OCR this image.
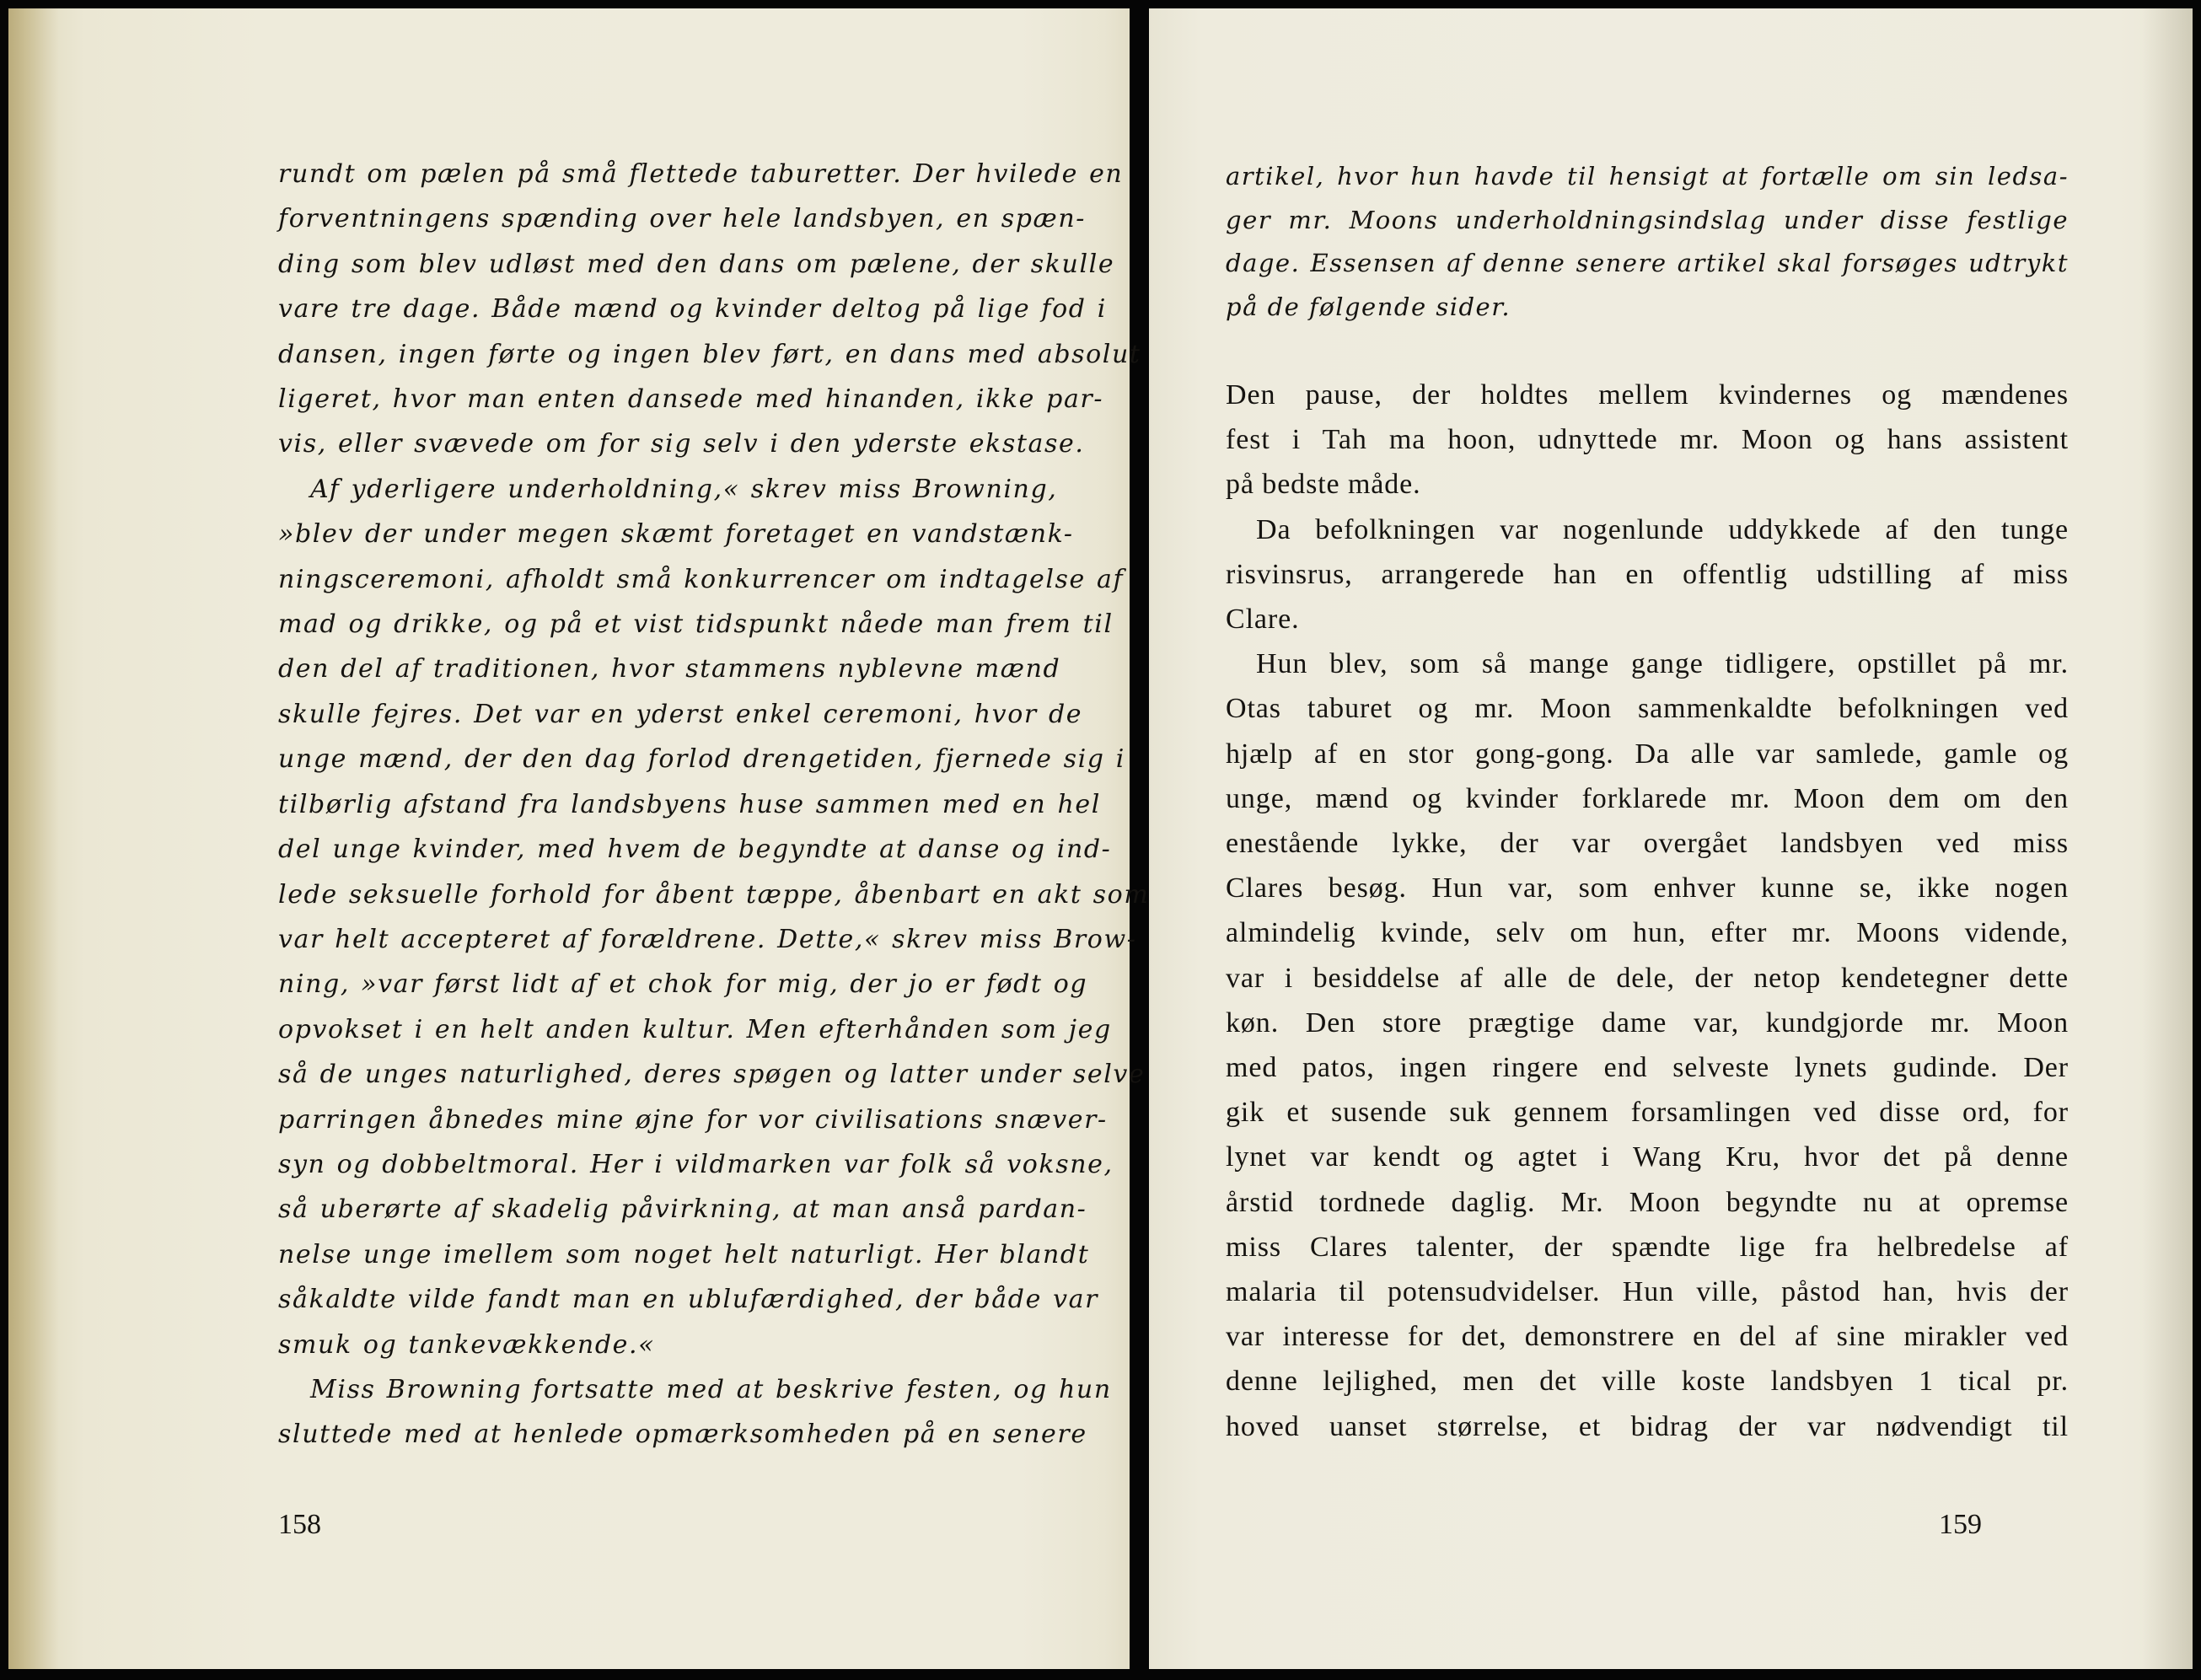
rundt om pælen på små flettede taburetter. Der hvilede en
forventningens spænding over hele landsbyen, en spæn-
ding som blev udløst med den dans om pælene, der skulle
vare tre dage. Både mænd og kvinder deltog på lige fod i
dansen, ingen førte og ingen blev ført, en dans med absolut
ligeret, hvor man enten dansede med hinanden, ikke par-
vis, eller svævede om for sig selv i den yderste ekstase.
Af yderligere underholdning,« skrev miss Browning,
»blev der under megen skæmt foretaget en vandstænk-
ningsceremoni, afholdt små konkurrencer om indtagelse af
mad og drikke, og på et vist tidspunkt nåede man frem til
den del af traditionen, hvor stammens nyblevne mænd
skulle fejres. Det var en yderst enkel ceremoni, hvor de
unge mænd, der den dag forlod drengetiden, fjernede sig i
tilbørlig afstand fra landsbyens huse sammen med en hel
del unge kvinder, med hvem de begyndte at danse og ind-
lede seksuelle forhold for åbent tæppe, åbenbart en akt som
var helt accepteret af forældrene. Dette,« skrev miss Brow-
ning, »var først lidt af et chok for mig, der jo er født og
opvokset i en helt anden kultur. Men efterhånden som jeg
så de unges naturlighed, deres spøgen og latter under selve
parringen åbnedes mine øjne for vor civilisations snæver-
syn og dobbeltmoral. Her i vildmarken var folk så voksne,
så uberørte af skadelig påvirkning, at man anså pardan-
nelse unge imellem som noget helt naturligt. Her blandt
såkaldte vilde fandt man en ublufærdighed, der både var
smuk og tankevækkende.«
Miss Browning fortsatte med at beskrive festen, og hun
sluttede med at henlede opmærksomheden på en senere
158
artikel, hvor hun havde til hensigt at fortælle om sin ledsa-
ger mr. Moons underholdningsindslag under disse festlige
dage. Essensen af denne senere artikel skal forsøges udtrykt
på de følgende sider.
Den pause, der holdtes mellem kvindernes og mændenes
fest i Tah ma hoon, udnyttede mr. Moon og hans assistent
på bedste måde.
Da befolkningen var nogenlunde uddykkede af den tunge
risvinsrus, arrangerede han en offentlig udstilling af miss
Clare.
Hun blev, som så mange gange tidligere, opstillet på mr.
Otas taburet og mr. Moon sammenkaldte befolkningen ved
hjælp af en stor gong-gong. Da alle var samlede, gamle og
unge, mænd og kvinder forklarede mr. Moon dem om den
enestående lykke, der var overgået landsbyen ved miss
Clares besøg. Hun var, som enhver kunne se, ikke nogen
almindelig kvinde, selv om hun, efter mr. Moons vidende,
var i besiddelse af alle de dele, der netop kendetegner dette
køn. Den store prægtige dame var, kundgjorde mr. Moon
med patos, ingen ringere end selveste lynets gudinde. Der
gik et susende suk gennem forsamlingen ved disse ord, for
lynet var kendt og agtet i Wang Kru, hvor det på denne
årstid tordnede daglig. Mr. Moon begyndte nu at opremse
miss Clares talenter, der spændte lige fra helbredelse af
malaria til potensudvidelser. Hun ville, påstod han, hvis der
var interesse for det, demonstrere en del af sine mirakler ved
denne lejlighed, men det ville koste landsbyen 1 tical pr.
hoved uanset størrelse, et bidrag der var nødvendigt til
159
